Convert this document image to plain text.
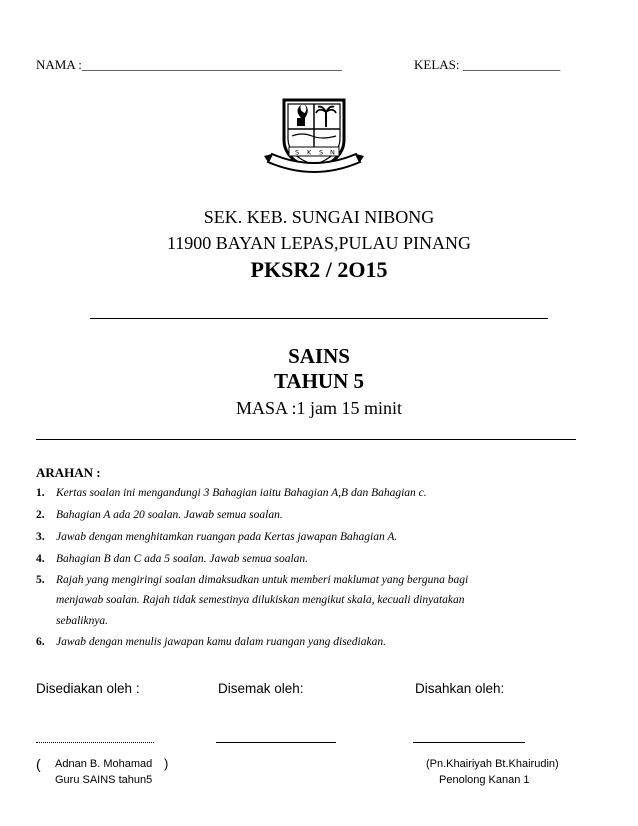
NAMA :________________________________________	KELAS: _______________
S K S N
SEK. KEB. SUNGAI NIBONG
11900 BAYAN LEPAS,PULAU PINANG
PKSR2 / 2O15
SAINS
TAHUN 5
MASA :1 jam 15 minit
ARAHAN :
1. Kertas soalan ini mengandungi 3 Bahagian iaitu Bahagian A,B dan Bahagian c.
2. Bahagian A ada 20 soalan. Jawab semua soalan.
3. Jawab dengan menghitamkan ruangan pada Kertas jawapan Bahagian A.
4. Bahagian B dan C ada 5 soalan. Jawab semua soalan.
5. Rajah yang mengiringi soalan dimaksudkan untuk memberi maklumat yang berguna bagi
menjawab soalan. Rajah tidak semestinya dilukiskan mengikut skala, kecuali dinyatakan
sebaliknya.
6. Jawab dengan menulis jawapan kamu dalam ruangan yang disediakan.
Disediakan oleh :	Disemak oleh:	Disahkan oleh:
( Adnan B. Mohamad )
Guru SAINS tahun5
(Pn.Khairiyah Bt.Khairudin)
Penolong Kanan 1
